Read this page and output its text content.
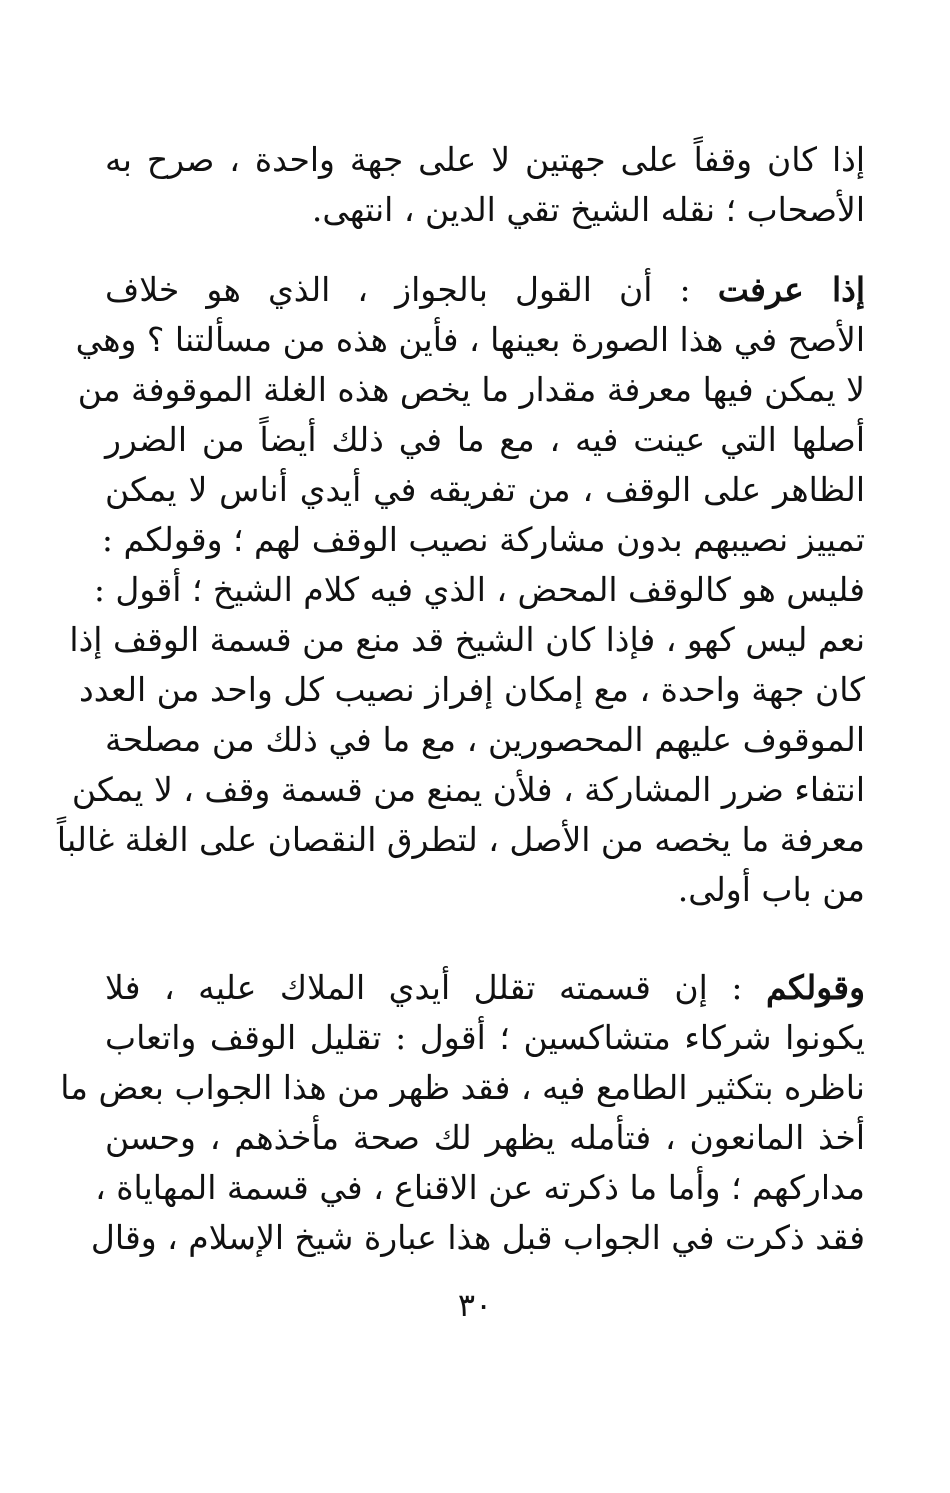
إذا كان وقفاً على جهتين لا على جهة واحدة ، صرح به
الأصحاب ؛ نقله الشيخ تقي الدين ، انتهى.
إذا عرفت : أن القول بالجواز ، الذي هو خلاف
الأصح في هذا الصورة بعينها ، فأين هذه من مسألتنا ؟ وهي
لا يمكن فيها معرفة مقدار ما يخص هذه الغلة الموقوفة من
أصلها التي عينت فيه ، مع ما في ذلك أيضاً من الضرر
الظاهر على الوقف ، من تفريقه في أيدي أناس لا يمكن
تمييز نصيبهم بدون مشاركة نصيب الوقف لهم ؛ وقولكم :
فليس هو كالوقف المحض ، الذي فيه كلام الشيخ ؛ أقول :
نعم ليس كهو ، فإذا كان الشيخ قد منع من قسمة الوقف إذا
كان جهة واحدة ، مع إمكان إفراز نصيب كل واحد من العدد
الموقوف عليهم المحصورين ، مع ما في ذلك من مصلحة
انتفاء ضرر المشاركة ، فلأن يمنع من قسمة وقف ، لا يمكن
معرفة ما يخصه من الأصل ، لتطرق النقصان على الغلة غالباً
من باب أولى.
وقولكم : إن قسمته تقلل أيدي الملاك عليه ، فلا
يكونوا شركاء متشاكسين ؛ أقول : تقليل الوقف واتعاب
ناظره بتكثير الطامع فيه ، فقد ظهر من هذا الجواب بعض ما
أخذ المانعون ، فتأمله يظهر لك صحة مأخذهم ، وحسن
مداركهم ؛ وأما ما ذكرته عن الاقناع ، في قسمة المهاياة ،
فقد ذكرت في الجواب قبل هذا عبارة شيخ الإسلام ، وقال
٣٠
